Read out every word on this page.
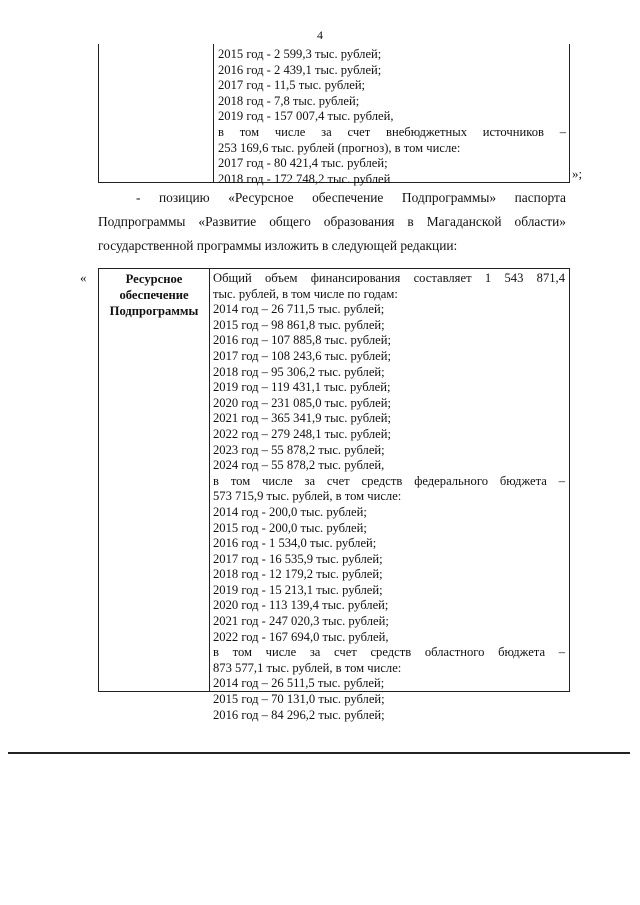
4
2015 год - 2 599,3 тыс. рублей;
2016 год - 2 439,1 тыс. рублей;
2017 год - 11,5 тыс. рублей;
2018 год - 7,8 тыс. рублей;
2019 год - 157 007,4 тыс. рублей,
в том числе за счет внебюджетных источников –
253 169,6 тыс. рублей (прогноз), в том числе:
2017 год - 80 421,4 тыс. рублей;
2018 год - 172 748,2 тыс. рублей	»;
- позицию «Ресурсное обеспечение Подпрограммы» паспорта
Подпрограммы «Развитие общего образования в Магаданской области»
государственной программы изложить в следующей редакции:
«	Ресурсное
обеспечение
Подпрограммы
Общий объем финансирования составляет 1 543 871,4
тыс. рублей, в том числе по годам:
2014 год – 26 711,5 тыс. рублей;
2015 год – 98 861,8 тыс. рублей;
2016 год – 107 885,8 тыс. рублей;
2017 год – 108 243,6 тыс. рублей;
2018 год – 95 306,2 тыс. рублей;
2019 год – 119 431,1 тыс. рублей;
2020 год – 231 085,0 тыс. рублей;
2021 год – 365 341,9 тыс. рублей;
2022 год – 279 248,1 тыс. рублей;
2023 год – 55 878,2 тыс. рублей;
2024 год – 55 878,2 тыс. рублей,
в том числе за счет средств федерального бюджета –
573 715,9 тыс. рублей, в том числе:
2014 год - 200,0 тыс. рублей;
2015 год - 200,0 тыс. рублей;
2016 год - 1 534,0 тыс. рублей;
2017 год - 16 535,9 тыс. рублей;
2018 год - 12 179,2 тыс. рублей;
2019 год - 15 213,1 тыс. рублей;
2020 год - 113 139,4 тыс. рублей;
2021 год - 247 020,3 тыс. рублей;
2022 год - 167 694,0 тыс. рублей,
в том числе за счет средств областного бюджета –
873 577,1 тыс. рублей, в том числе:
2014 год – 26 511,5 тыс. рублей;
2015 год – 70 131,0 тыс. рублей;
2016 год – 84 296,2 тыс. рублей;
